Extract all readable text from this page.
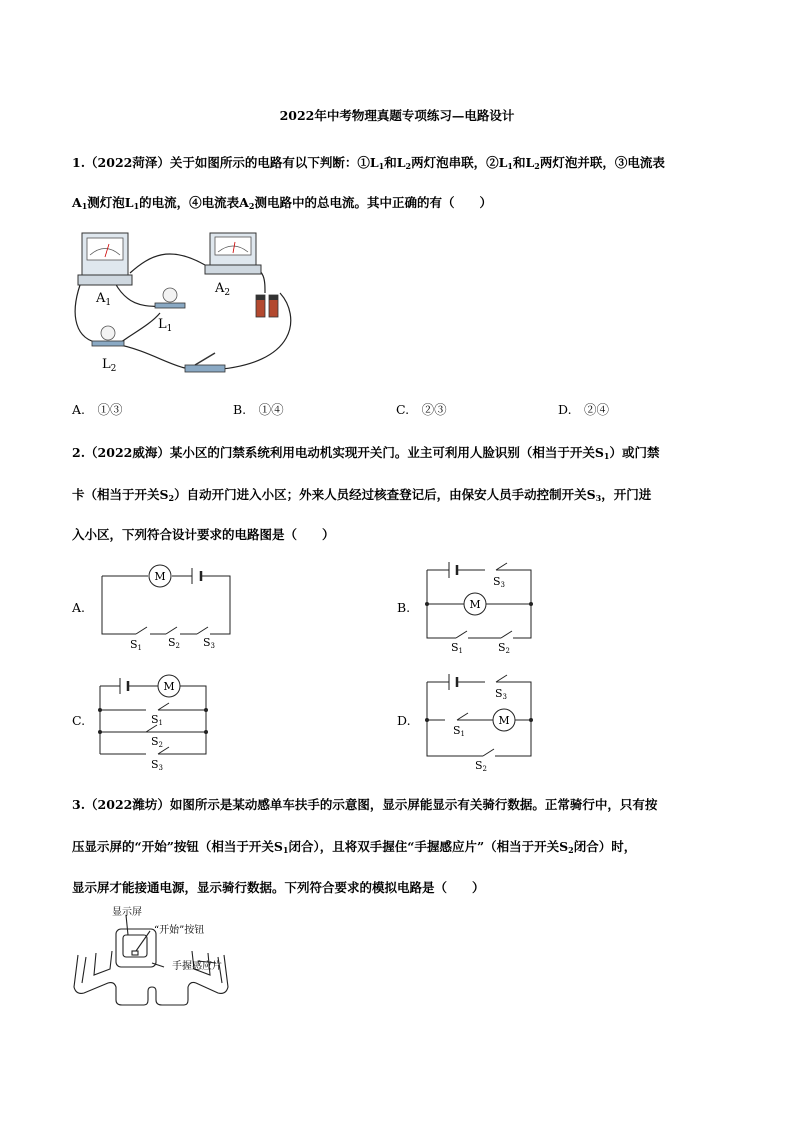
2022年中考物理真题专项练习—电路设计
1.（2022菏泽）关于如图所示的电路有以下判断：$①L_1$和$L_2$两灯泡串联，$②L_1$和$L_2$两灯泡并联，③电流表
$A_1$测灯泡$L_1$的电流，④电流表$A_2$测电路中的总电流。其中正确的有（　　）
$A_1$
$A_2$
$L_1$
$L_2$
A.　①③	B.　①④	C.　②③	D.　②④
2.（2022威海）某小区的门禁系统利用电动机实现开关门。业主可利用人脸识别（相当于开关$S_1$）或门禁
卡（相当于开关$S_2$）自动开门进入小区；外来人员经过核查登记后，由保安人员手动控制开关$S_3$，开门进
入小区，下列符合设计要求的电路图是（　　）
A.
M
S1 S2 S3
B.	M
S3
S1	S2
C.
M
S1
S2
S3
D.	M
S3
S1
S2
3.（2022潍坊）如图所示是某动感单车扶手的示意图，显示屏能显示有关骑行数据。正常骑行中，只有按
压显示屏的“开始”按钮（相当于开关$S_1$闭合），且将双手握住“手握感应片”（相当于开关$S_2$闭合）时，
显示屏才能接通电源，显示骑行数据。下列符合要求的模拟电路是（　　）
显示屏
“开始”按钮
手握感应片
